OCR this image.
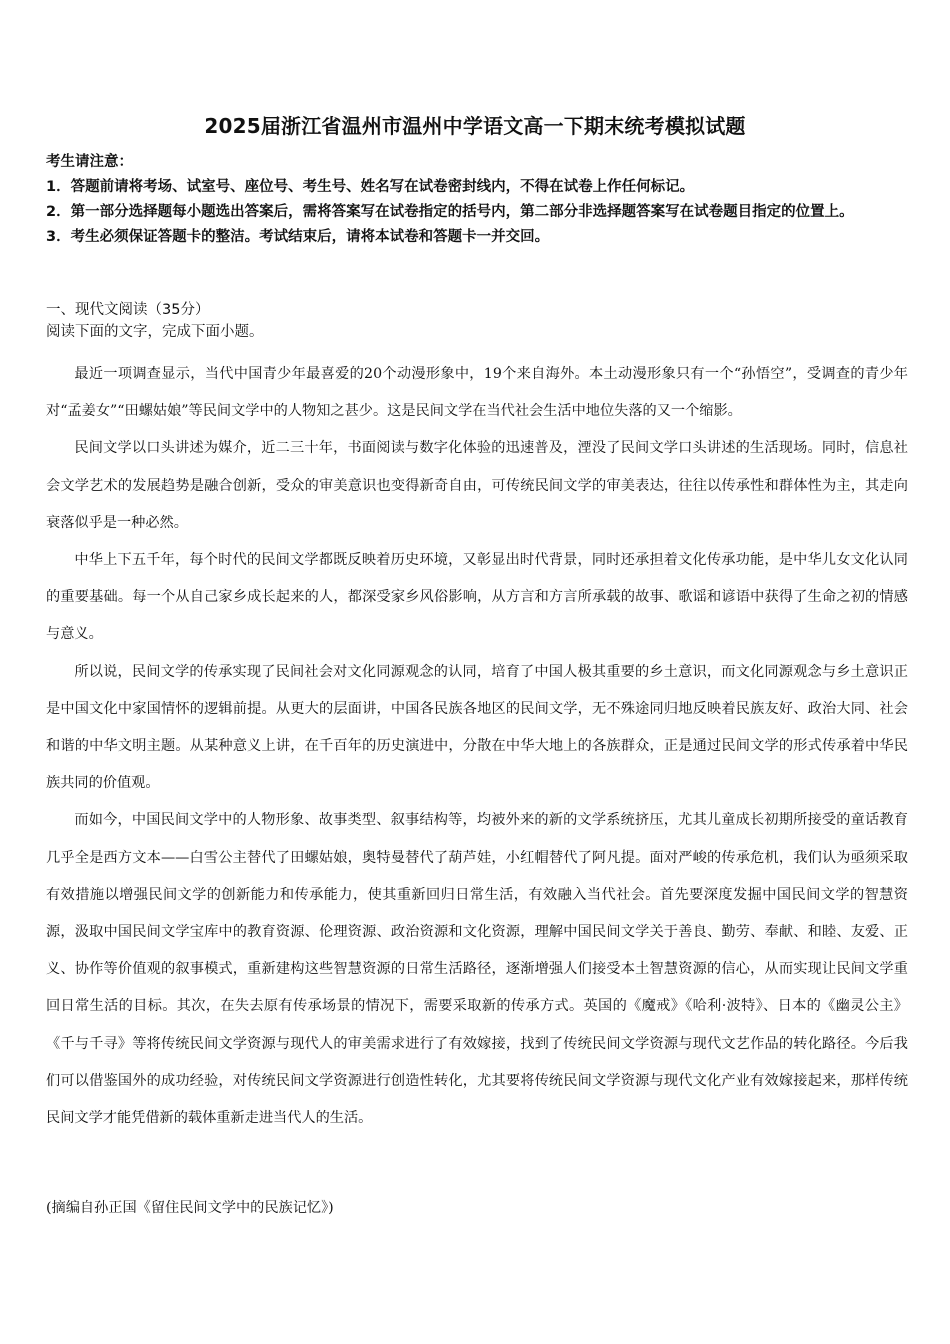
2025届浙江省温州市温州中学语文高一下期末统考模拟试题
考生请注意：
1．答题前请将考场、试室号、座位号、考生号、姓名写在试卷密封线内，不得在试卷上作任何标记。
2．第一部分选择题每小题选出答案后，需将答案写在试卷指定的括号内，第二部分非选择题答案写在试卷题目指定的位置上。
3．考生必须保证答题卡的整洁。考试结束后，请将本试卷和答题卡一并交回。
一、现代文阅读（35分）
阅读下面的文字，完成下面小题。

最近一项调查显示，当代中国青少年最喜爱的20个动漫形象中，19个来自海外。本土动漫形象只有一个“孙悟空”，受调查的青少年对“孟姜女”“田螺姑娘”等民间文学中的人物知之甚少。这是民间文学在当代社会生活中地位失落的又一个缩影。

民间文学以口头讲述为媒介，近二三十年，书面阅读与数字化体验的迅速普及，湮没了民间文学口头讲述的生活现场。同时，信息社会文学艺术的发展趋势是融合创新，受众的审美意识也变得新奇自由，可传统民间文学的审美表达，往往以传承性和群体性为主，其走向衰落似乎是一种必然。

中华上下五千年，每个时代的民间文学都既反映着历史环境，又彰显出时代背景，同时还承担着文化传承功能，是中华儿女文化认同的重要基础。每一个从自己家乡成长起来的人，都深受家乡风俗影响，从方言和方言所承载的故事、歌谣和谚语中获得了生命之初的情感与意义。

所以说，民间文学的传承实现了民间社会对文化同源观念的认同，培育了中国人极其重要的乡土意识，而文化同源观念与乡土意识正是中国文化中家国情怀的逻辑前提。从更大的层面讲，中国各民族各地区的民间文学，无不殊途同归地反映着民族友好、政治大同、社会和谐的中华文明主题。从某种意义上讲，在千百年的历史演进中，分散在中华大地上的各族群众，正是通过民间文学的形式传承着中华民族共同的价值观。

而如今，中国民间文学中的人物形象、故事类型、叙事结构等，均被外来的新的文学系统挤压，尤其儿童成长初期所接受的童话教育几乎全是西方文本——白雪公主替代了田螺姑娘，奥特曼替代了葫芦娃，小红帽替代了阿凡提。面对严峻的传承危机，我们认为亟须采取有效措施以增强民间文学的创新能力和传承能力，使其重新回归日常生活，有效融入当代社会。首先要深度发掘中国民间文学的智慧资源，汲取中国民间文学宝库中的教育资源、伦理资源、政治资源和文化资源，理解中国民间文学关于善良、勤劳、奉献、和睦、友爱、正义、协作等价值观的叙事模式，重新建构这些智慧资源的日常生活路径，逐渐增强人们接受本土智慧资源的信心，从而实现让民间文学重回日常生活的目标。其次，在失去原有传承场景的情况下，需要采取新的传承方式。英国的《魔戒》《哈利·波特》、日本的《幽灵公主》《千与千寻》等将传统民间文学资源与现代人的审美需求进行了有效嫁接，找到了传统民间文学资源与现代文艺作品的转化路径。今后我们可以借鉴国外的成功经验，对传统民间文学资源进行创造性转化，尤其要将传统民间文学资源与现代文化产业有效嫁接起来，那样传统民间文学才能凭借新的载体重新走进当代人的生活。

(摘编自孙正国《留住民间文学中的民族记忆》)
